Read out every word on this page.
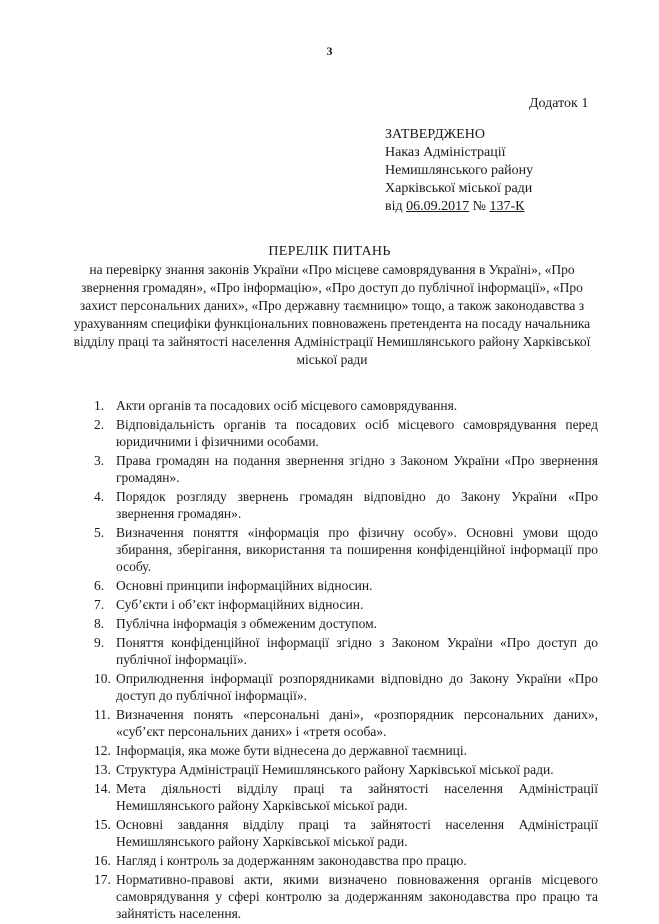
3
Додаток 1
ЗАТВЕРДЖЕНО
Наказ Адміністрації
Немишлянського району
Харківської міської ради
від 06.09.2017 № 137-К
ПЕРЕЛІК ПИТАНЬ
на перевірку знання законів України «Про місцеве самоврядування в Україні», «Про звернення громадян», «Про інформацію», «Про доступ до публічної інформації», «Про захист персональних даних», «Про державну таємницю» тощо, а також законодавства з урахуванням специфіки функціональних повноважень претендента на посаду начальника відділу праці та зайнятості населення Адміністрації Немишлянського району Харківської міської ради
1. Акти органів та посадових осіб місцевого самоврядування.
2. Відповідальність органів та посадових осіб місцевого самоврядування перед юридичними і фізичними особами.
3. Права громадян на подання звернення згідно з Законом України «Про звернення громадян».
4. Порядок розгляду звернень громадян відповідно до Закону України «Про звернення громадян».
5. Визначення поняття «інформація про фізичну особу». Основні умови щодо збирання, зберігання, використання та поширення конфіденційної інформації про особу.
6. Основні принципи інформаційних відносин.
7. Суб’єкти і об’єкт інформаційних відносин.
8. Публічна інформація з обмеженим доступом.
9. Поняття конфіденційної інформації згідно з Законом України «Про доступ до публічної інформації».
10. Оприлюднення інформації розпорядниками відповідно до Закону України «Про доступ до публічної інформації».
11. Визначення понять «персональні дані», «розпорядник персональних даних», «суб’єкт персональних даних» і «третя особа».
12. Інформація, яка може бути віднесена до державної таємниці.
13. Структура Адміністрації Немишлянського району Харківської міської ради.
14. Мета діяльності відділу праці та зайнятості населення Адміністрації Немишлянського району Харківської міської ради.
15. Основні завдання відділу праці та зайнятості населення Адміністрації Немишлянського району Харківської міської ради.
16. Нагляд і контроль за додержанням законодавства про працю.
17. Нормативно-правові акти, якими визначено повноваження органів місцевого самоврядування у сфері контролю за додержанням законодавства про працю та зайнятість населення.
